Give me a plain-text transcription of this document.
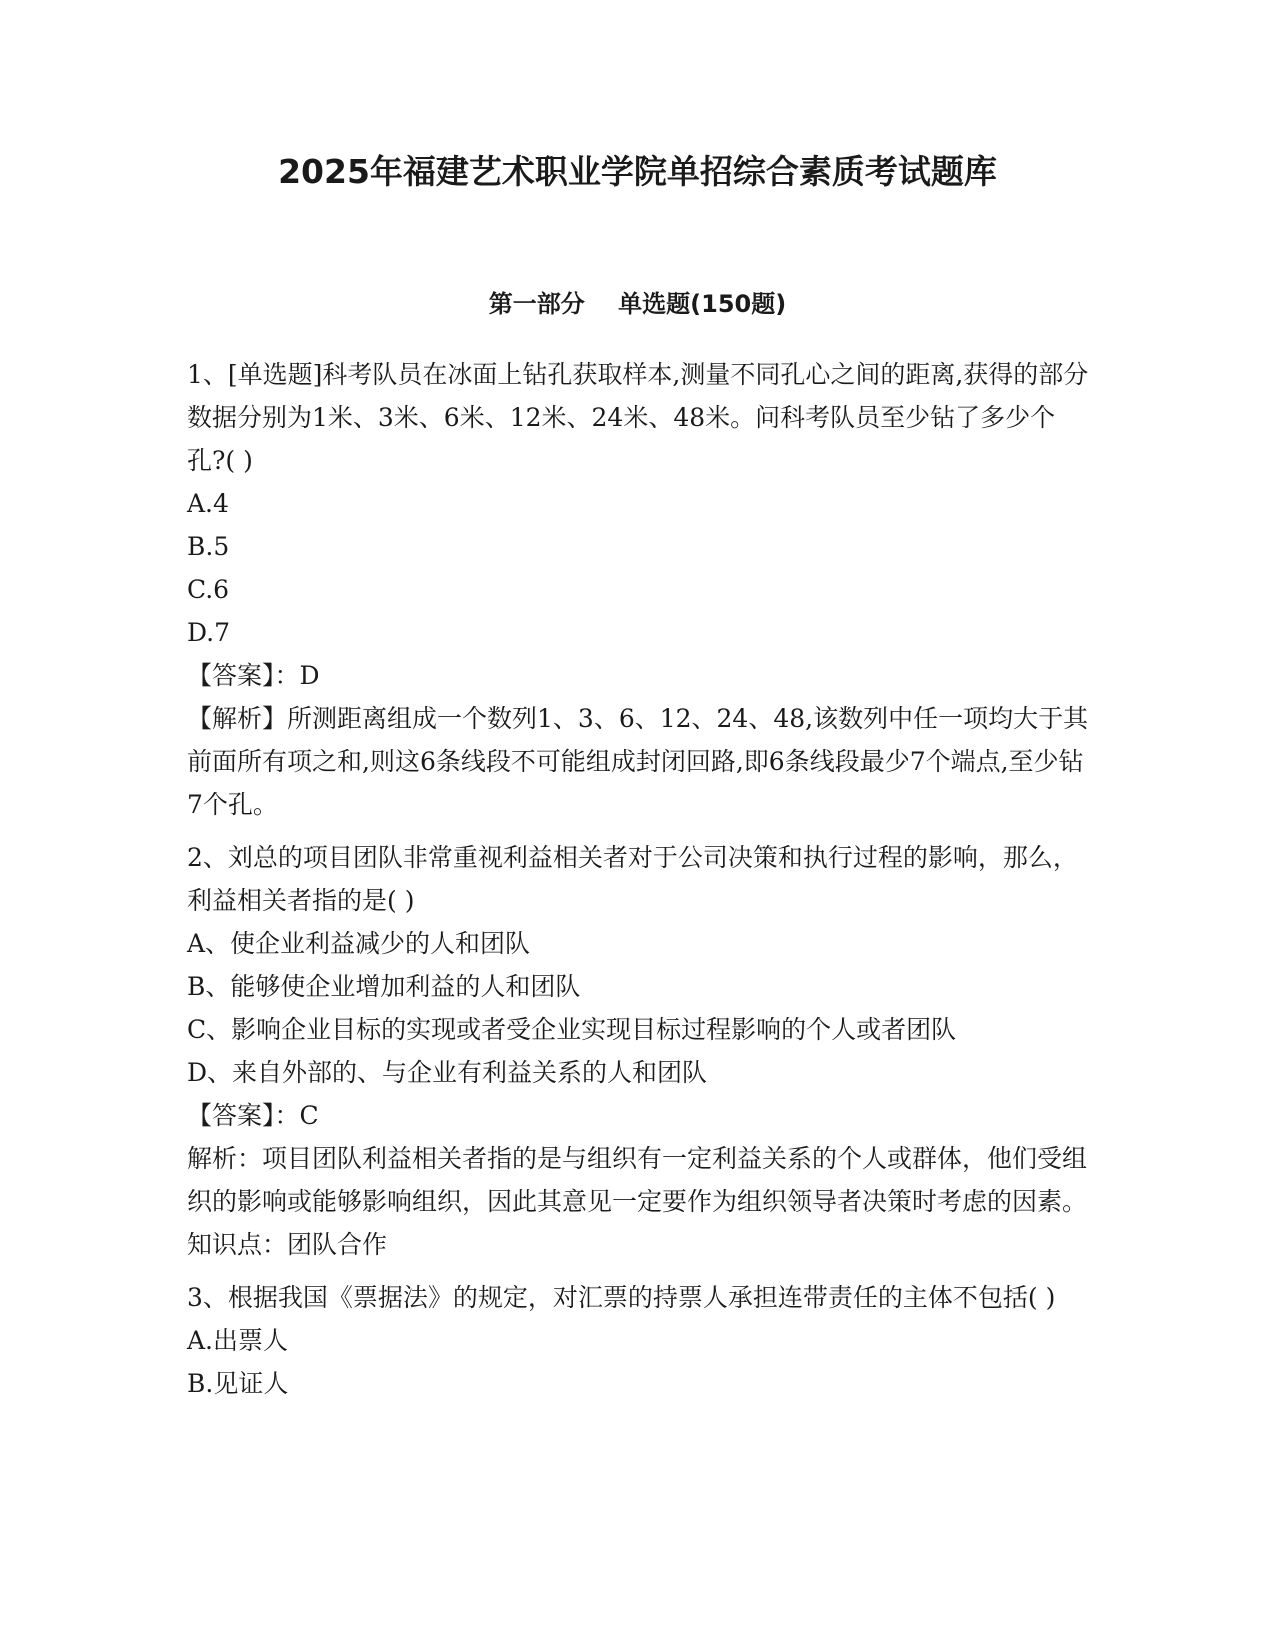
2025年福建艺术职业学院单招综合素质考试题库
第一部分    单选题(150题)

1、[单选题]科考队员在冰面上钻孔获取样本,测量不同孔心之间的距离,获得的部分数据分别为1米、3米、6米、12米、24米、48米。问科考队员至少钻了多少个孔?( )

A.4

B.5

C.6

D.7

【答案】：D

【解析】所测距离组成一个数列1、3、6、12、24、48,该数列中任一项均大于其前面所有项之和,则这6条线段不可能组成封闭回路,即6条线段最少7个端点,至少钻7个孔。

2、刘总的项目团队非常重视利益相关者对于公司决策和执行过程的影响，那么，利益相关者指的是( )

A、使企业利益减少的人和团队

B、能够使企业增加利益的人和团队

C、影响企业目标的实现或者受企业实现目标过程影响的个人或者团队

D、来自外部的、与企业有利益关系的人和团队

【答案】：C

解析：项目团队利益相关者指的是与组织有一定利益关系的个人或群体，他们受组织的影响或能够影响组织，因此其意见一定要作为组织领导者决策时考虑的因素。知识点：团队合作

3、根据我国《票据法》的规定，对汇票的持票人承担连带责任的主体不包括( )

A.出票人

B.见证人
